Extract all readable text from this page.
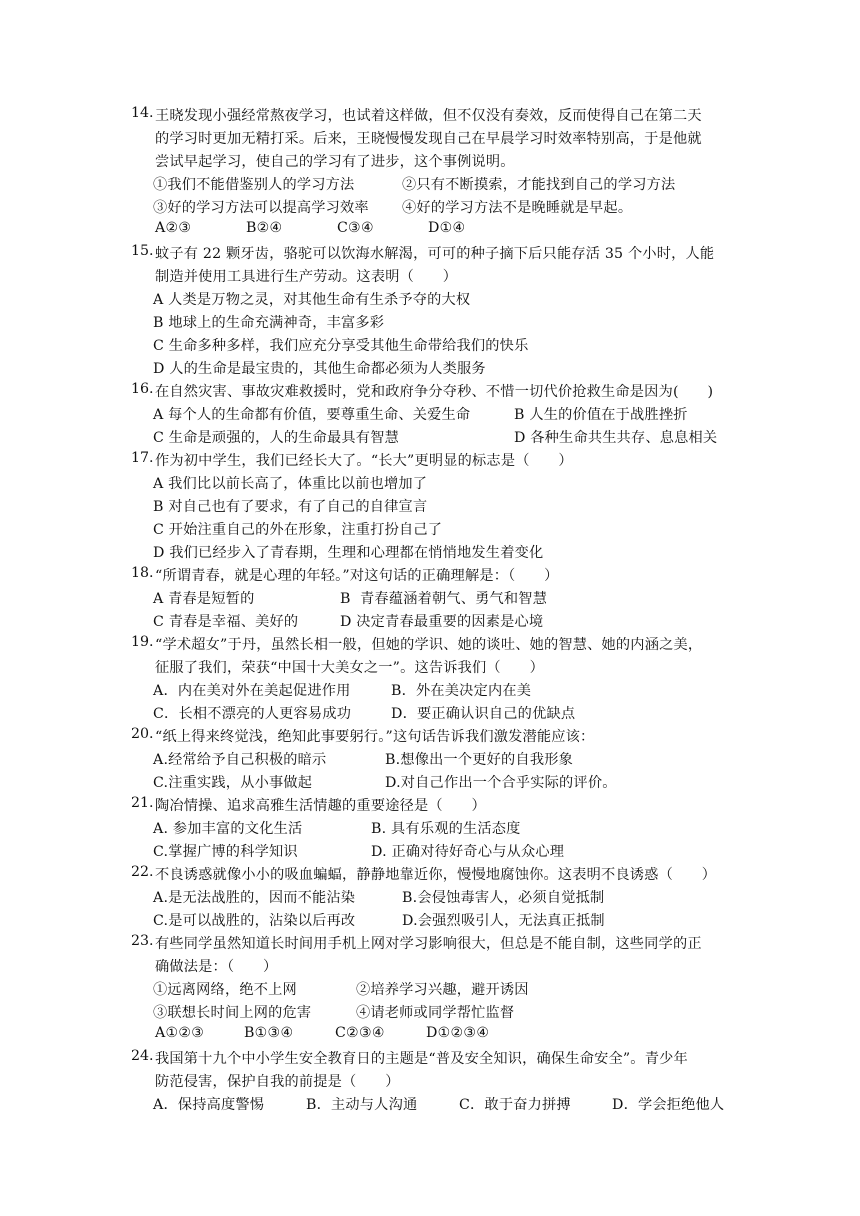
14. 王晓发现小强经常熬夜学习，也试着这样做，但不仅没有奏效，反而使得自己在第二天
的学习时更加无精打采。后来，王晓慢慢发现自己在早晨学习时效率特别高，于是他就
尝试早起学习，使自己的学习有了进步，这个事例说明。
①我们不能借鉴别人的学习方法	②只有不断摸索，才能找到自己的学习方法
③好的学习方法可以提高学习效率 ④好的学习方法不是晚睡就是早起。
A②③	B②④	C③④	D①④
15. 蚊子有 22 颗牙齿，骆驼可以饮海水解渴，可可的种子摘下后只能存活 35 个小时，人能
制造并使用工具进行生产劳动。这表明（　　）
A 人类是万物之灵，对其他生命有生杀予夺的大权
B 地球上的生命充满神奇，丰富多彩
C 生命多种多样，我们应充分享受其他生命带给我们的快乐
D 人的生命是最宝贵的，其他生命都必须为人类服务
16. 在自然灾害、事故灾难救援时，党和政府争分夺秒、不惜一切代价抢救生命是因为(　　)
A 每个人的生命都有价值，要尊重生命、关爱生命	B 人生的价值在于战胜挫折
C 生命是顽强的，人的生命最具有智慧	D 各种生命共生共存、息息相关
17. 作为初中学生，我们已经长大了。“长大”更明显的标志是（　　）
A 我们比以前长高了，体重比以前也增加了
B 对自己也有了要求，有了自己的自律宣言
C 开始注重自己的外在形象，注重打扮自己了
D 我们已经步入了青春期，生理和心理都在悄悄地发生着变化
18. “所谓青春，就是心理的年轻。”对这句话的正确理解是：（　　）
A 青春是短暂的	B  青春蕴涵着朝气、勇气和智慧
C 青春是幸福、美好的	D 决定青春最重要的因素是心境
19. “学术超女”于丹，虽然长相一般，但她的学识、她的谈吐、她的智慧、她的内涵之美，
征服了我们，荣获“中国十大美女之一”。这告诉我们（　　）
A．内在美对外在美起促进作用	B．外在美决定内在美
C．长相不漂亮的人更容易成功	D．要正确认识自己的优缺点
20. “纸上得来终觉浅，绝知此事要躬行。”这句话告诉我们激发潜能应该：
A.经常给予自己积极的暗示	B.想像出一个更好的自我形象
C.注重实践，从小事做起	D.对自己作出一个合乎实际的评价。
21. 陶冶情操、追求高雅生活情趣的重要途径是（　　）
A. 参加丰富的文化生活	B. 具有乐观的生活态度
C.掌握广博的科学知识	D. 正确对待好奇心与从众心理
22. 不良诱惑就像小小的吸血蝙蝠，静静地靠近你，慢慢地腐蚀你。这表明不良诱惑（　　）
A.是无法战胜的，因而不能沾染	B.会侵蚀毒害人，必须自觉抵制
C.是可以战胜的，沾染以后再改	D.会强烈吸引人，无法真正抵制
23. 有些同学虽然知道长时间用手机上网对学习影响很大，但总是不能自制，这些同学的正
确做法是：（　　）
①远离网络，绝不上网	②培养学习兴趣，避开诱因
③联想长时间上网的危害	④请老师或同学帮忙监督
A①②③	B①③④	C②③④	D①②③④
24. 我国第十九个中小学生安全教育日的主题是“普及安全知识，确保生命安全”。青少年
防范侵害，保护自我的前提是（　　）
A．保持高度警惕	B．主动与人沟通	C．敢于奋力拼搏	D．学会拒绝他人
